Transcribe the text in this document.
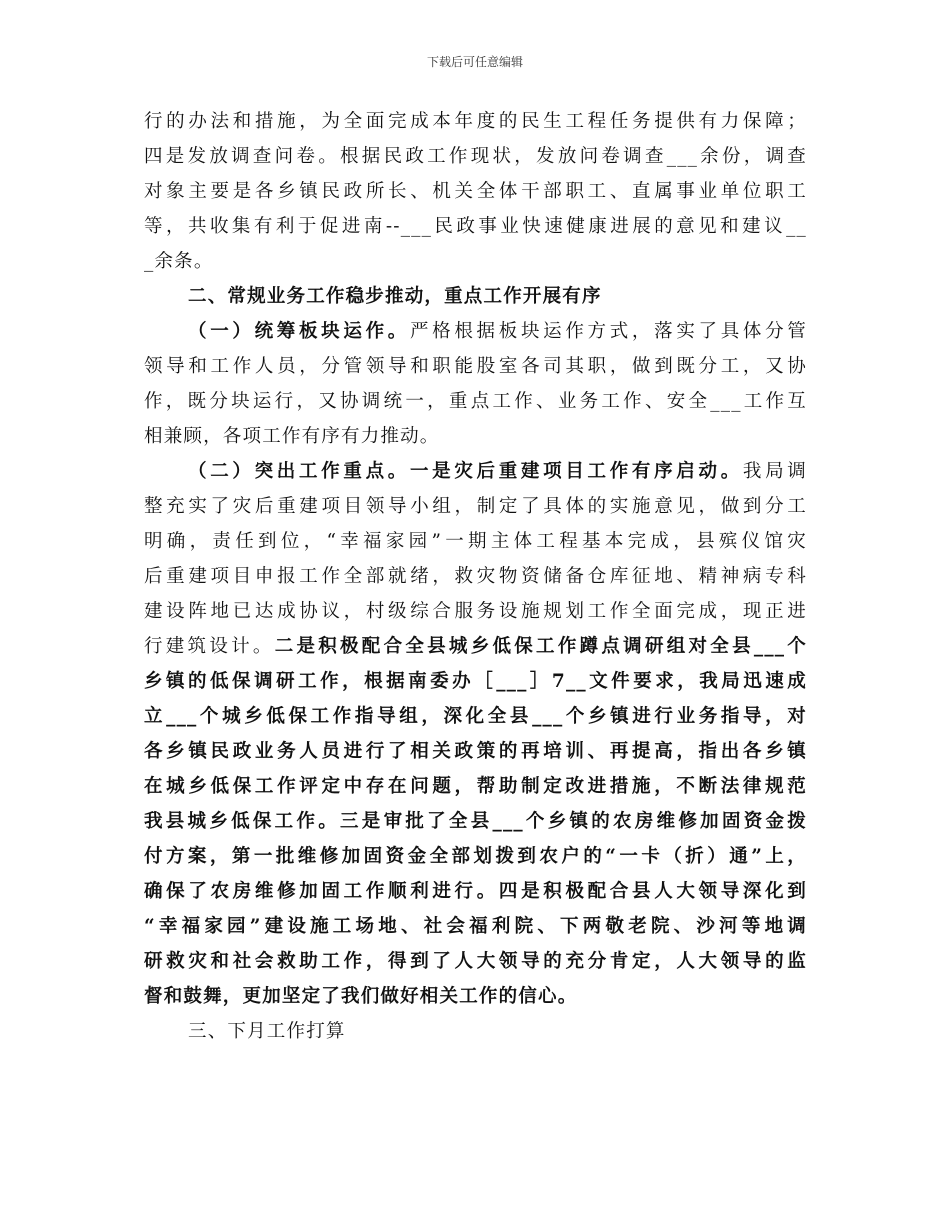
下载后可任意编辑
行的办法和措施，为全面完成本年度的民生工程任务提供有力保障；
四是发放调查问卷。根据民政工作现状，发放问卷调查___余份，调查
对象主要是各乡镇民政所长、机关全体干部职工、直属事业单位职工
等，共收集有利于促进南--___民政事业快速健康进展的意见和建议__
_余条。
二、常规业务工作稳步推动，重点工作开展有序
（一）统筹板块运作。严格根据板块运作方式，落实了具体分管
领导和工作人员，分管领导和职能股室各司其职，做到既分工，又协
作，既分块运行，又协调统一，重点工作、业务工作、安全___工作互
相兼顾，各项工作有序有力推动。
（二）突出工作重点。一是灾后重建项目工作有序启动。我局调
整充实了灾后重建项目领导小组，制定了具体的实施意见，做到分工
明确，责任到位，“幸福家园”一期主体工程基本完成，县殡仪馆灾
后重建项目申报工作全部就绪，救灾物资储备仓库征地、精神病专科
建设阵地已达成协议，村级综合服务设施规划工作全面完成，现正进
行建筑设计。二是积极配合全县城乡低保工作蹲点调研组对全县___个
乡镇的低保调研工作，根据南委办［___］7__文件要求，我局迅速成
立___个城乡低保工作指导组，深化全县___个乡镇进行业务指导，对
各乡镇民政业务人员进行了相关政策的再培训、再提高，指出各乡镇
在城乡低保工作评定中存在问题，帮助制定改进措施，不断法律规范
我县城乡低保工作。三是审批了全县___个乡镇的农房维修加固资金拨
付方案，第一批维修加固资金全部划拨到农户的“一卡（折）通”上，
确保了农房维修加固工作顺利进行。四是积极配合县人大领导深化到
“幸福家园”建设施工场地、社会福利院、下两敬老院、沙河等地调
研救灾和社会救助工作，得到了人大领导的充分肯定，人大领导的监
督和鼓舞，更加坚定了我们做好相关工作的信心。
三、下月工作打算
